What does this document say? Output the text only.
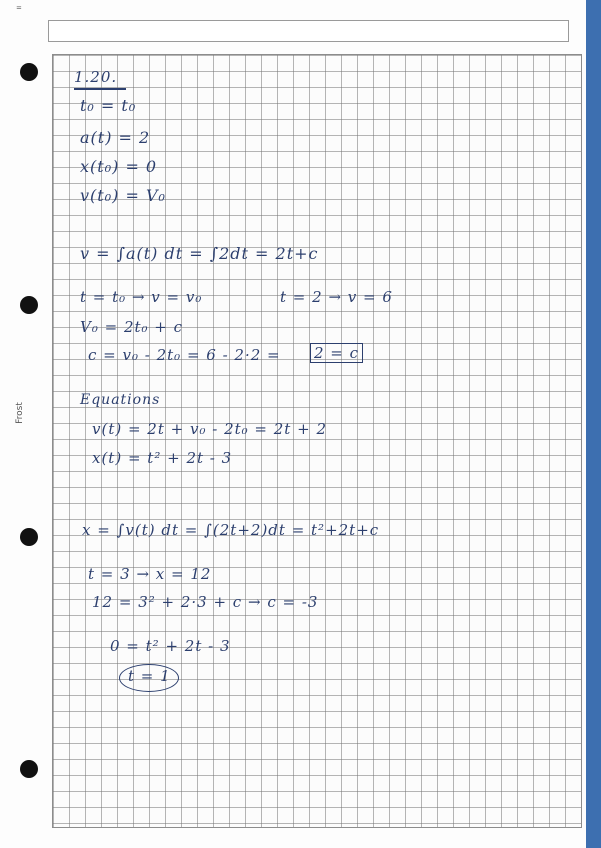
=
Frost
1.20.
t₀ = t₀
a(t) = 2
x(t₀) = 0
v(t₀) = V₀
v = ∫a(t) dt = ∫2dt = 2t+c
t = t₀ → v = v₀	t = 2 → v = 6
V₀ = 2t₀ + c
c = v₀ - 2t₀ = 6 - 2·2 = 2 = c
Equations
v(t) = 2t + v₀ - 2t₀ = 2t + 2
x(t) = t² + 2t - 3
x = ∫v(t) dt = ∫(2t+2)dt = t²+2t+c
t = 3 → x = 12
12 = 3² + 2·3 + c → c = -3
0 = t² + 2t - 3
t = 1
